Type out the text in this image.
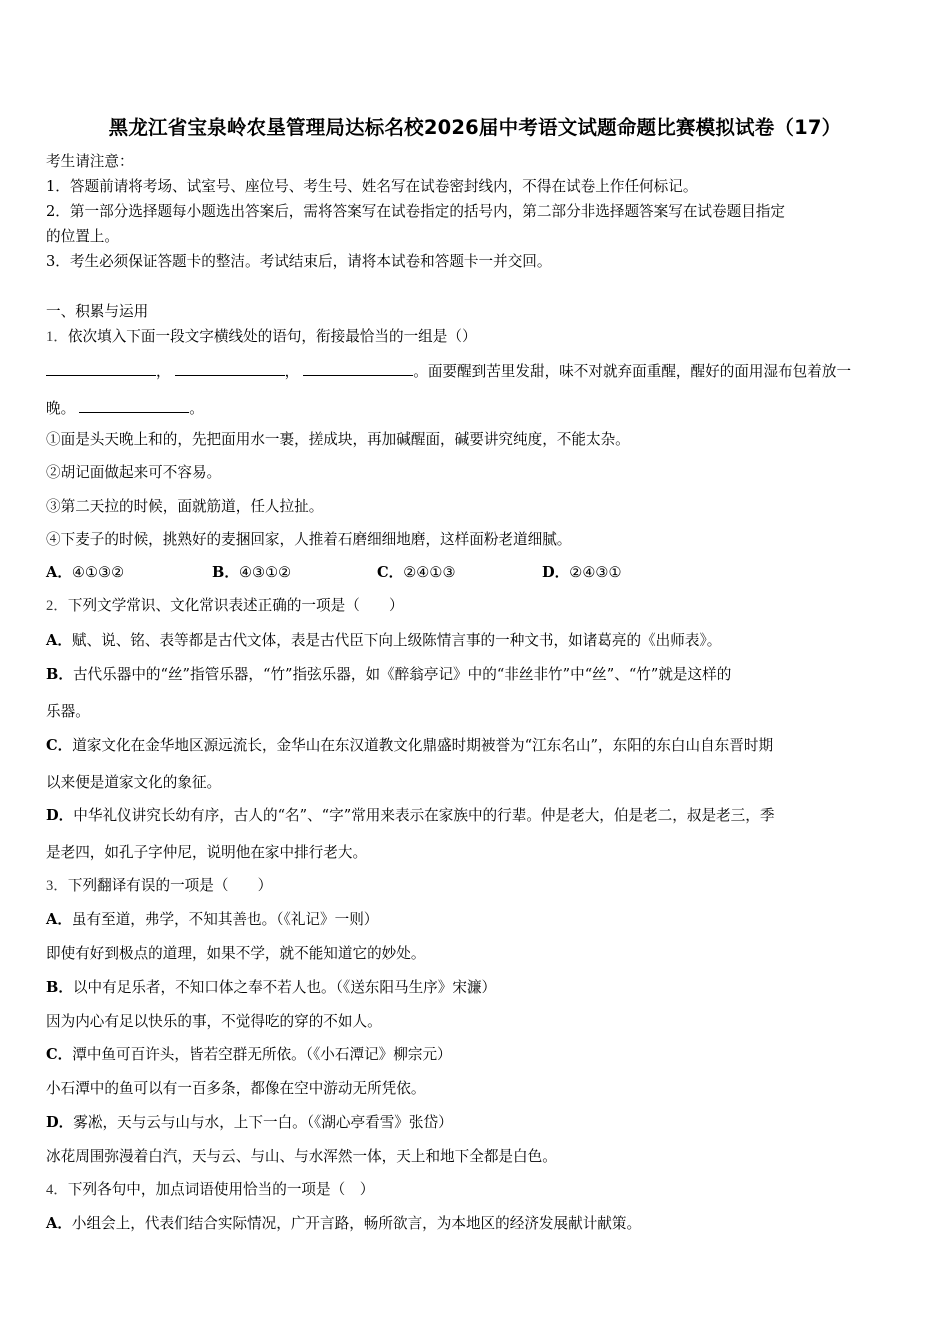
黑龙江省宝泉岭农垦管理局达标名校2026届中考语文试题命题比赛模拟试卷（17）
考生请注意：
1．答题前请将考场、试室号、座位号、考生号、姓名写在试卷密封线内，不得在试卷上作任何标记。
2．第一部分选择题每小题选出答案后，需将答案写在试卷指定的括号内，第二部分非选择题答案写在试卷题目指定
的位置上。
3．考生必须保证答题卡的整洁。考试结束后，请将本试卷和答题卡一并交回。
一、积累与运用
1．依次填入下面一段文字横线处的语句，衔接最恰当的一组是（）
，	，	。面要醒到苦里发甜，味不对就弃面重醒，醒好的面用湿布包着放一
晚。	。
①面是头天晚上和的，先把面用水一裹，搓成块，再加碱醒面，碱要讲究纯度，不能太杂。
②胡记面做起来可不容易。
③第二天拉的时候，面就筋道，任人拉扯。
④下麦子的时候，挑熟好的麦捆回家，人推着石磨细细地磨，这样面粉老道细腻。
A．④①③②	B．④③①②	C．②④①③	D．②④③①
2．下列文学常识、文化常识表述正确的一项是（　　）
A．赋、说、铭、表等都是古代文体，表是古代臣下向上级陈情言事的一种文书，如诸葛亮的《出师表》。
B．古代乐器中的“丝”指管乐器，“竹”指弦乐器，如《醉翁亭记》中的“非丝非竹”中“丝”、“竹”就是这样的
乐器。
C．道家文化在金华地区源远流长，金华山在东汉道教文化鼎盛时期被誉为“江东名山”，东阳的东白山自东晋时期
以来便是道家文化的象征。
D．中华礼仪讲究长幼有序，古人的“名”、“字”常用来表示在家族中的行辈。仲是老大，伯是老二，叔是老三，季
是老四，如孔子字仲尼，说明他在家中排行老大。
3．下列翻译有误的一项是（　　）
A．虽有至道，弗学，不知其善也。（《礼记》一则）
即使有好到极点的道理，如果不学，就不能知道它的妙处。
B．以中有足乐者，不知口体之奉不若人也。（《送东阳马生序》宋濂）
因为内心有足以快乐的事，不觉得吃的穿的不如人。
C．潭中鱼可百许头，皆若空群无所依。（《小石潭记》柳宗元）
小石潭中的鱼可以有一百多条，都像在空中游动无所凭依。
D．雾凇，天与云与山与水，上下一白。（《湖心亭看雪》张岱）
冰花周围弥漫着白汽，天与云、与山、与水浑然一体，天上和地下全都是白色。
4．下列各句中，加点词语使用恰当的一项是（　）
A．小组会上，代表们结合实际情况，广开言路，畅所欲言，为本地区的经济发展献计献策。
